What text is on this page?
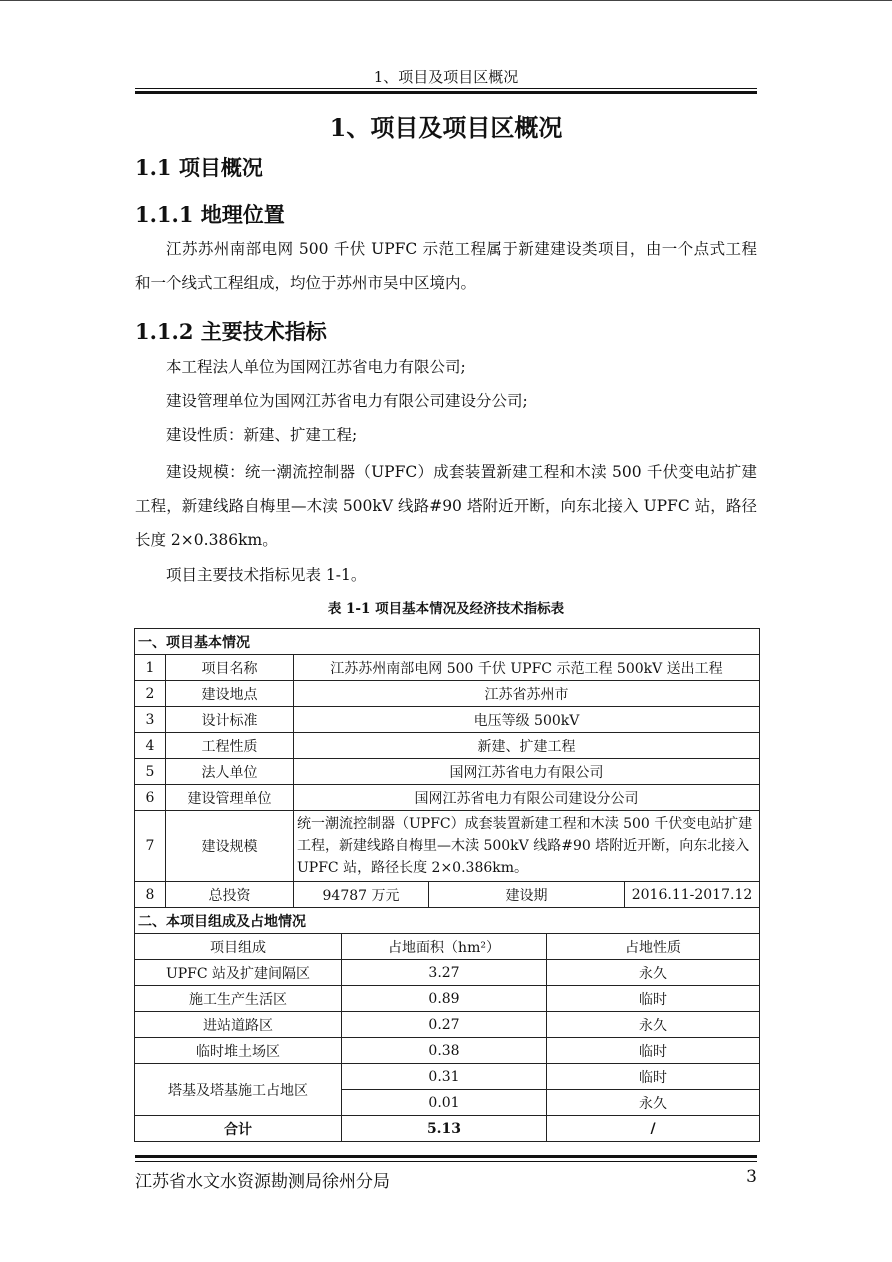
1、项目及项目区概况
1、项目及项目区概况
1.1 项目概况
1.1.1 地理位置
江苏苏州南部电网 500 千伏 UPFC 示范工程属于新建建设类项目，由一个点式工程和一个线式工程组成，均位于苏州市吴中区境内。
1.1.2 主要技术指标
本工程法人单位为国网江苏省电力有限公司;
建设管理单位为国网江苏省电力有限公司建设分公司;
建设性质：新建、扩建工程;
建设规模：统一潮流控制器（UPFC）成套装置新建工程和木渎 500 千伏变电站扩建工程，新建线路自梅里—木渎 500kV 线路#90 塔附近开断，向东北接入 UPFC 站，路径长度 2×0.386km。
项目主要技术指标见表 1-1。
表 1-1 项目基本情况及经济技术指标表
一、项目基本情况						
1	项目名称	江苏苏州南部电网 500 千伏 UPFC 示范工程 500kV 送出工程				
2	建设地点	江苏省苏州市				
3	设计标准	电压等级 500kV				
4	工程性质	新建、扩建工程				
5	法人单位	国网江苏省电力有限公司				
6	建设管理单位	国网江苏省电力有限公司建设分公司				
7	建设规模	统一潮流控制器（UPFC）成套装置新建工程和木渎 500 千伏变电站扩建工程，新建线路自梅里—木渎 500kV 线路#90 塔附近开断，向东北接入 UPFC 站，路径长度 2×0.386km。				
8	总投资	94787 万元		建设期		2016.11-2017.12
二、本项目组成及占地情况						
项目组成			占地面积（hm²）		占地性质	
UPFC 站及扩建间隔区			3.27		永久	
施工生产生活区			0.89		临时	
进站道路区			0.27		永久	
临时堆土场区			0.38		临时	
塔基及塔基施工占地区			0.31		临时	
			0.01		永久	
合计			5.13		/	
江苏省水文水资源勘测局徐州分局	3
